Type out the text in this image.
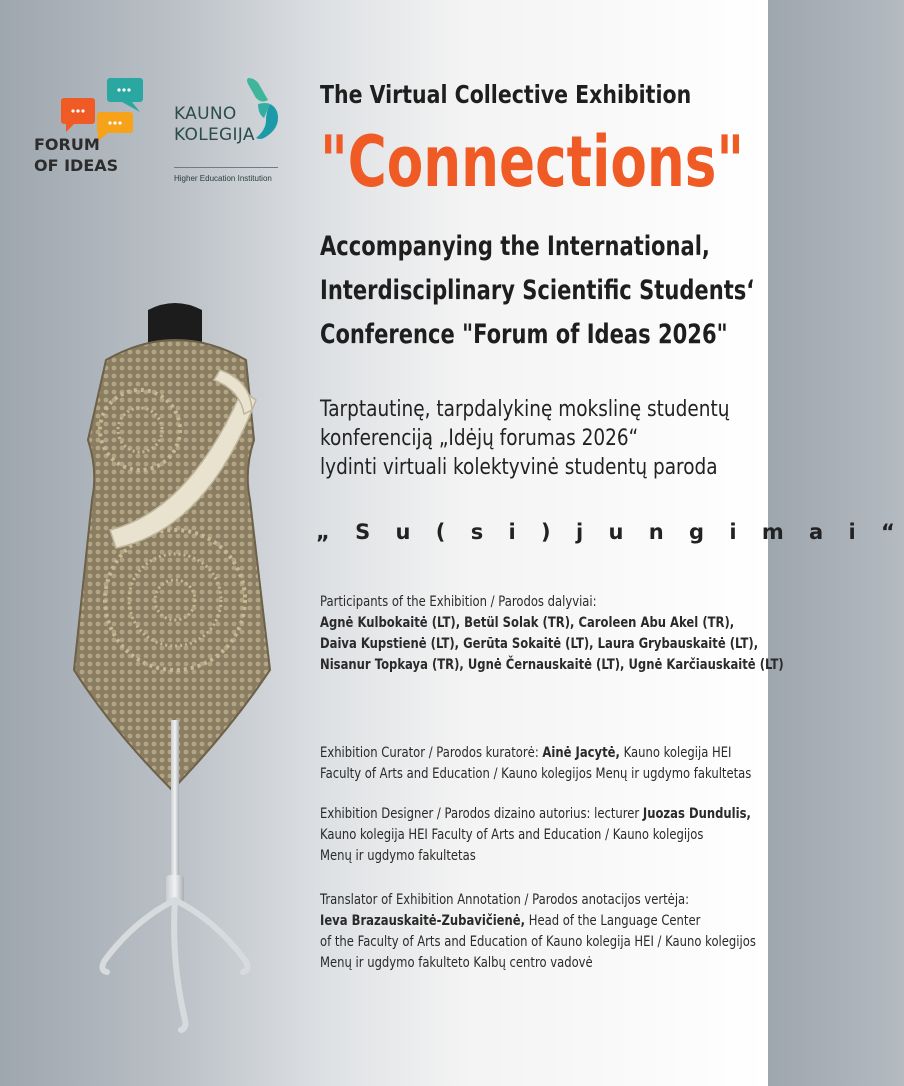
FORUM
OF IDEAS
KAUNO
KOLEGIJA
Higher Education Institution
The Virtual Collective Exhibition
"Connections"
Accompanying the International,
Interdisciplinary Scientific Students‘
Conference "Forum of Ideas 2026"
Tarptautinę, tarpdalykinę mokslinę studentų
konferenciją „Idėjų forumas 2026“
lydinti virtuali kolektyvinė studentų paroda
„ S u ( s i ) j u n g i m a i “
Participants of the Exhibition / Parodos dalyviai:
Agnė Kulbokaitė (LT), Betül Solak (TR), Caroleen Abu Akel (TR),
Daiva Kupstienė (LT), Gerūta Sokaitė (LT), Laura Grybauskaitė (LT),
Nisanur Topkaya (TR), Ugnė Černauskaitė (LT), Ugnė Karčiauskaitė (LT)
Exhibition Curator / Parodos kuratorė: Ainė Jacytė, Kauno kolegija HEI
Faculty of Arts and Education / Kauno kolegijos Menų ir ugdymo fakultetas
Exhibition Designer / Parodos dizaino autorius: lecturer Juozas Dundulis,
Kauno kolegija HEI Faculty of Arts and Education / Kauno kolegijos
Menų ir ugdymo fakultetas
Translator of Exhibition Annotation / Parodos anotacijos vertėja:
Ieva Brazauskaitė-Zubavičienė, Head of the Language Center
of the Faculty of Arts and Education of Kauno kolegija HEI / Kauno kolegijos
Menų ir ugdymo fakulteto Kalbų centro vadovė
